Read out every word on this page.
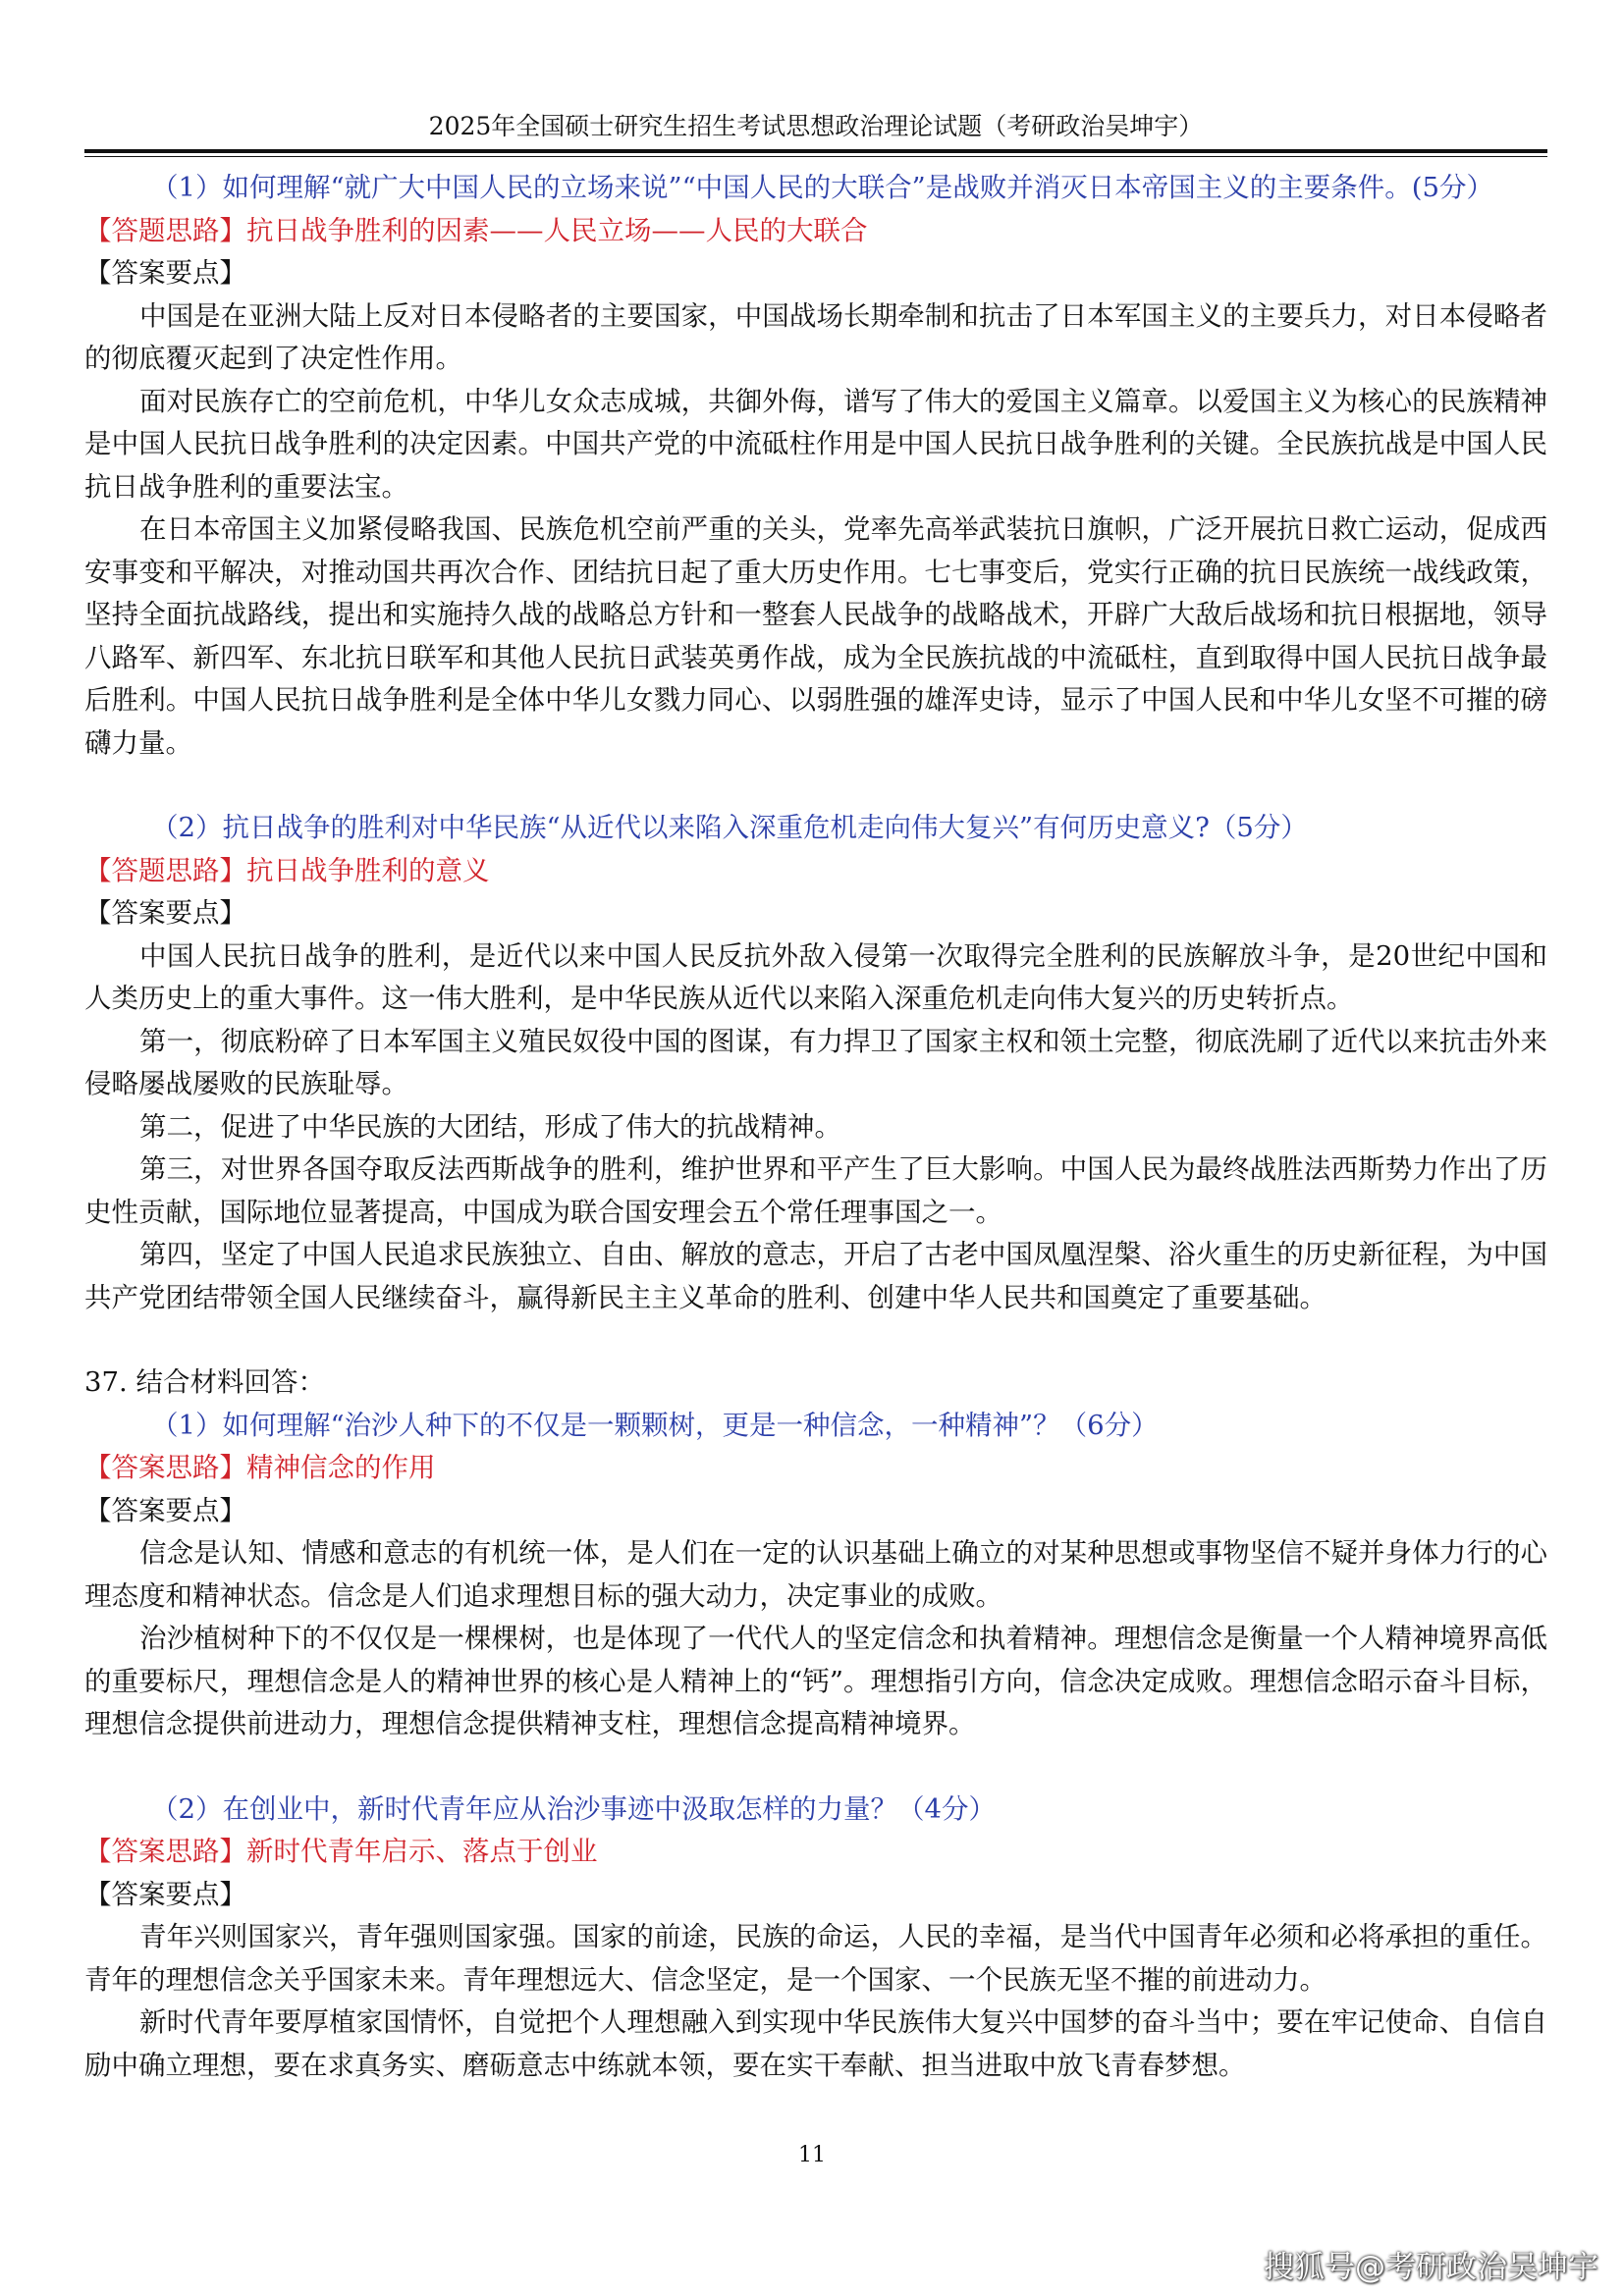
2025年全国硕士研究生招生考试思想政治理论试题（考研政治吴坤宇）

（1）如何理解“就广大中国人民的立场来说”“中国人民的大联合”是战败并消灭日本帝国主义的主要条件。(5分）

【答题思路】抗日战争胜利的因素——人民立场——人民的大联合

【答案要点】

中国是在亚洲大陆上反对日本侵略者的主要国家，中国战场长期牵制和抗击了日本军国主义的主要兵力，对日本侵略者的彻底覆灭起到了决定性作用。

面对民族存亡的空前危机，中华儿女众志成城，共御外侮，谱写了伟大的爱国主义篇章。以爱国主义为核心的民族精神是中国人民抗日战争胜利的决定因素。中国共产党的中流砥柱作用是中国人民抗日战争胜利的关键。全民族抗战是中国人民抗日战争胜利的重要法宝。

在日本帝国主义加紧侵略我国、民族危机空前严重的关头，党率先高举武装抗日旗帜，广泛开展抗日救亡运动，促成西安事变和平解决，对推动国共再次合作、团结抗日起了重大历史作用。七七事变后，党实行正确的抗日民族统一战线政策，坚持全面抗战路线，提出和实施持久战的战略总方针和一整套人民战争的战略战术，开辟广大敌后战场和抗日根据地，领导八路军、新四军、东北抗日联军和其他人民抗日武装英勇作战，成为全民族抗战的中流砥柱，直到取得中国人民抗日战争最后胜利。中国人民抗日战争胜利是全体中华儿女戮力同心、以弱胜强的雄浑史诗，显示了中国人民和中华儿女坚不可摧的磅礴力量。

（2）抗日战争的胜利对中华民族“从近代以来陷入深重危机走向伟大复兴”有何历史意义?（5分）

【答题思路】抗日战争胜利的意义

【答案要点】

中国人民抗日战争的胜利，是近代以来中国人民反抗外敌入侵第一次取得完全胜利的民族解放斗争，是20世纪中国和人类历史上的重大事件。这一伟大胜利，是中华民族从近代以来陷入深重危机走向伟大复兴的历史转折点。

第一，彻底粉碎了日本军国主义殖民奴役中国的图谋，有力捍卫了国家主权和领土完整，彻底洗刷了近代以来抗击外来侵略屡战屡败的民族耻辱。

第二，促进了中华民族的大团结，形成了伟大的抗战精神。

第三，对世界各国夺取反法西斯战争的胜利，维护世界和平产生了巨大影响。中国人民为最终战胜法西斯势力作出了历史性贡献，国际地位显著提高，中国成为联合国安理会五个常任理事国之一。

第四，坚定了中国人民追求民族独立、自由、解放的意志，开启了古老中国凤凰涅槃、浴火重生的历史新征程，为中国共产党团结带领全国人民继续奋斗，赢得新民主主义革命的胜利、创建中华人民共和国奠定了重要基础。

37. 结合材料回答：

（1）如何理解“治沙人种下的不仅是一颗颗树，更是一种信念，一种精神”？（6分）

【答案思路】精神信念的作用

【答案要点】

信念是认知、情感和意志的有机统一体，是人们在一定的认识基础上确立的对某种思想或事物坚信不疑并身体力行的心理态度和精神状态。信念是人们追求理想目标的强大动力，决定事业的成败。

治沙植树种下的不仅仅是一棵棵树，也是体现了一代代人的坚定信念和执着精神。理想信念是衡量一个人精神境界高低的重要标尺，理想信念是人的精神世界的核心是人精神上的“钙”。理想指引方向，信念决定成败。理想信念昭示奋斗目标，理想信念提供前进动力，理想信念提供精神支柱，理想信念提高精神境界。

（2）在创业中，新时代青年应从治沙事迹中汲取怎样的力量？（4分）

【答案思路】新时代青年启示、落点于创业

【答案要点】

青年兴则国家兴，青年强则国家强。国家的前途，民族的命运，人民的幸福，是当代中国青年必须和必将承担的重任。青年的理想信念关乎国家未来。青年理想远大、信念坚定，是一个国家、一个民族无坚不摧的前进动力。

新时代青年要厚植家国情怀，自觉把个人理想融入到实现中华民族伟大复兴中国梦的奋斗当中；要在牢记使命、自信自励中确立理想，要在求真务实、磨砺意志中练就本领，要在实干奉献、担当进取中放飞青春梦想。

11
搜狐号@考研政治吴坤宇
